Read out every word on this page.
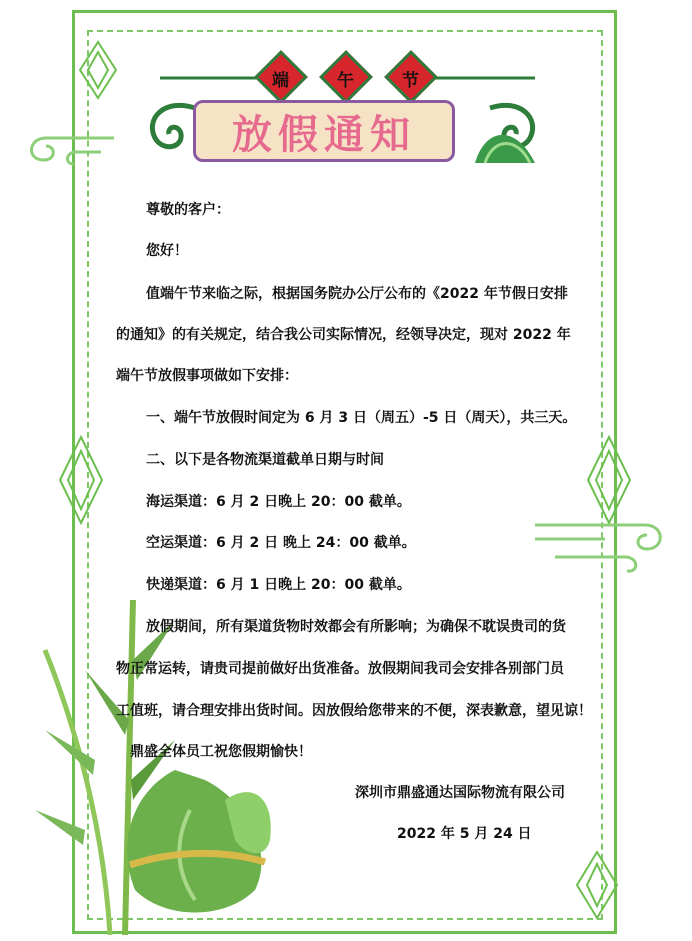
端	午	节
放假通知
尊敬的客户：
您好！
值端午节来临之际，根据国务院办公厅公布的《2022 年节假日安排
的通知》的有关规定，结合我公司实际情况，经领导决定，现对 2022 年
端午节放假事项做如下安排：
一、端午节放假时间定为 6 月 3 日（周五）-5 日（周天），共三天。
二、以下是各物流渠道截单日期与时间
海运渠道：6 月 2 日晚上 20：00 截单。
空运渠道：6 月 2 日 晚上 24：00 截单。
快递渠道：6 月 1 日晚上 20：00 截单。
放假期间，所有渠道货物时效都会有所影响；为确保不耽误贵司的货
物正常运转，请贵司提前做好出货准备。放假期间我司会安排各别部门员
工值班，请合理安排出货时间。因放假给您带来的不便，深表歉意，望见谅！
鼎盛全体员工祝您假期愉快！
深圳市鼎盛通达国际物流有限公司
2022 年 5 月 24 日
